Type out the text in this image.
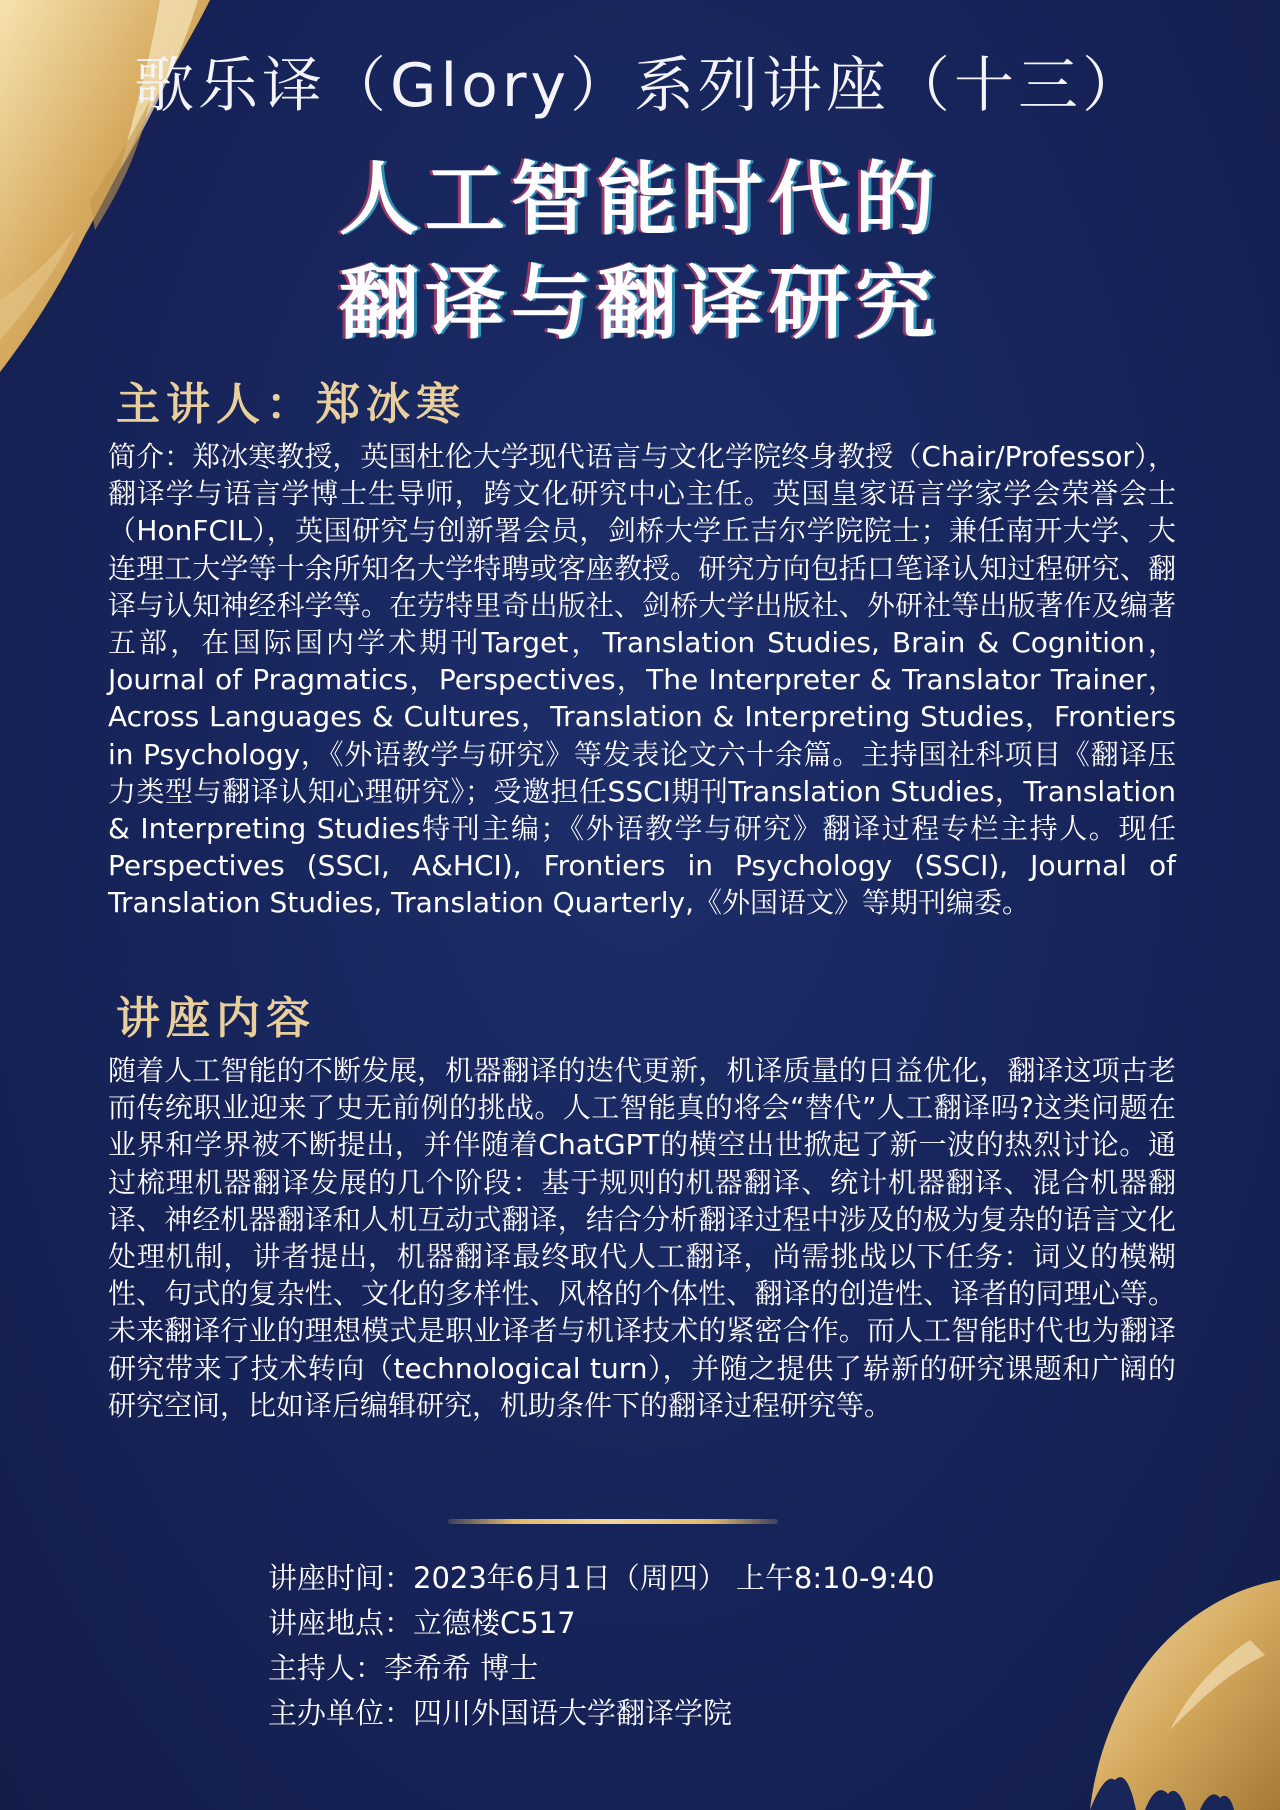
歌乐译（Glory）系列讲座（十三）
人工智能时代的
翻译与翻译研究
主讲人：郑冰寒
简介：郑冰寒教授，英国杜伦大学现代语言与文化学院终身教授（Chair/Professor），翻译学与语言学博士生导师，跨文化研究中心主任。英国皇家语言学家学会荣誉会士（HonFCIL），英国研究与创新署会员，剑桥大学丘吉尔学院院士；兼任南开大学、大连理工大学等十余所知名大学特聘或客座教授。研究方向包括口笔译认知过程研究、翻译与认知神经科学等。在劳特里奇出版社、剑桥大学出版社、外研社等出版著作及编著五部，在国际国内学术期刊Target，Translation Studies, Brain & Cognition，Journal of Pragmatics，Perspectives，The Interpreter & Translator Trainer，Across Languages & Cultures，Translation & Interpreting Studies，Frontiers in Psychology，《外语教学与研究》等发表论文六十余篇。主持国社科项目《翻译压力类型与翻译认知心理研究》；受邀担任SSCI期刊Translation Studies，Translation & Interpreting Studies特刊主编；《外语教学与研究》翻译过程专栏主持人。现任Perspectives (SSCI, A&HCI), Frontiers in Psychology (SSCI), Journal of Translation Studies, Translation Quarterly,《外国语文》等期刊编委。
讲座内容
随着人工智能的不断发展，机器翻译的迭代更新，机译质量的日益优化，翻译这项古老而传统职业迎来了史无前例的挑战。人工智能真的将会“替代”人工翻译吗?这类问题在业界和学界被不断提出，并伴随着ChatGPT的横空出世掀起了新一波的热烈讨论。通过梳理机器翻译发展的几个阶段：基于规则的机器翻译、统计机器翻译、混合机器翻译、神经机器翻译和人机互动式翻译，结合分析翻译过程中涉及的极为复杂的语言文化处理机制，讲者提出，机器翻译最终取代人工翻译，尚需挑战以下任务：词义的模糊性、句式的复杂性、文化的多样性、风格的个体性、翻译的创造性、译者的同理心等。未来翻译行业的理想模式是职业译者与机译技术的紧密合作。而人工智能时代也为翻译研究带来了技术转向（technological turn），并随之提供了崭新的研究课题和广阔的研究空间，比如译后编辑研究，机助条件下的翻译过程研究等。
讲座时间：2023年6月1日（周四） 上午8:10-9:40
讲座地点：立德楼C517
主持人：李希希 博士
主办单位：四川外国语大学翻译学院
